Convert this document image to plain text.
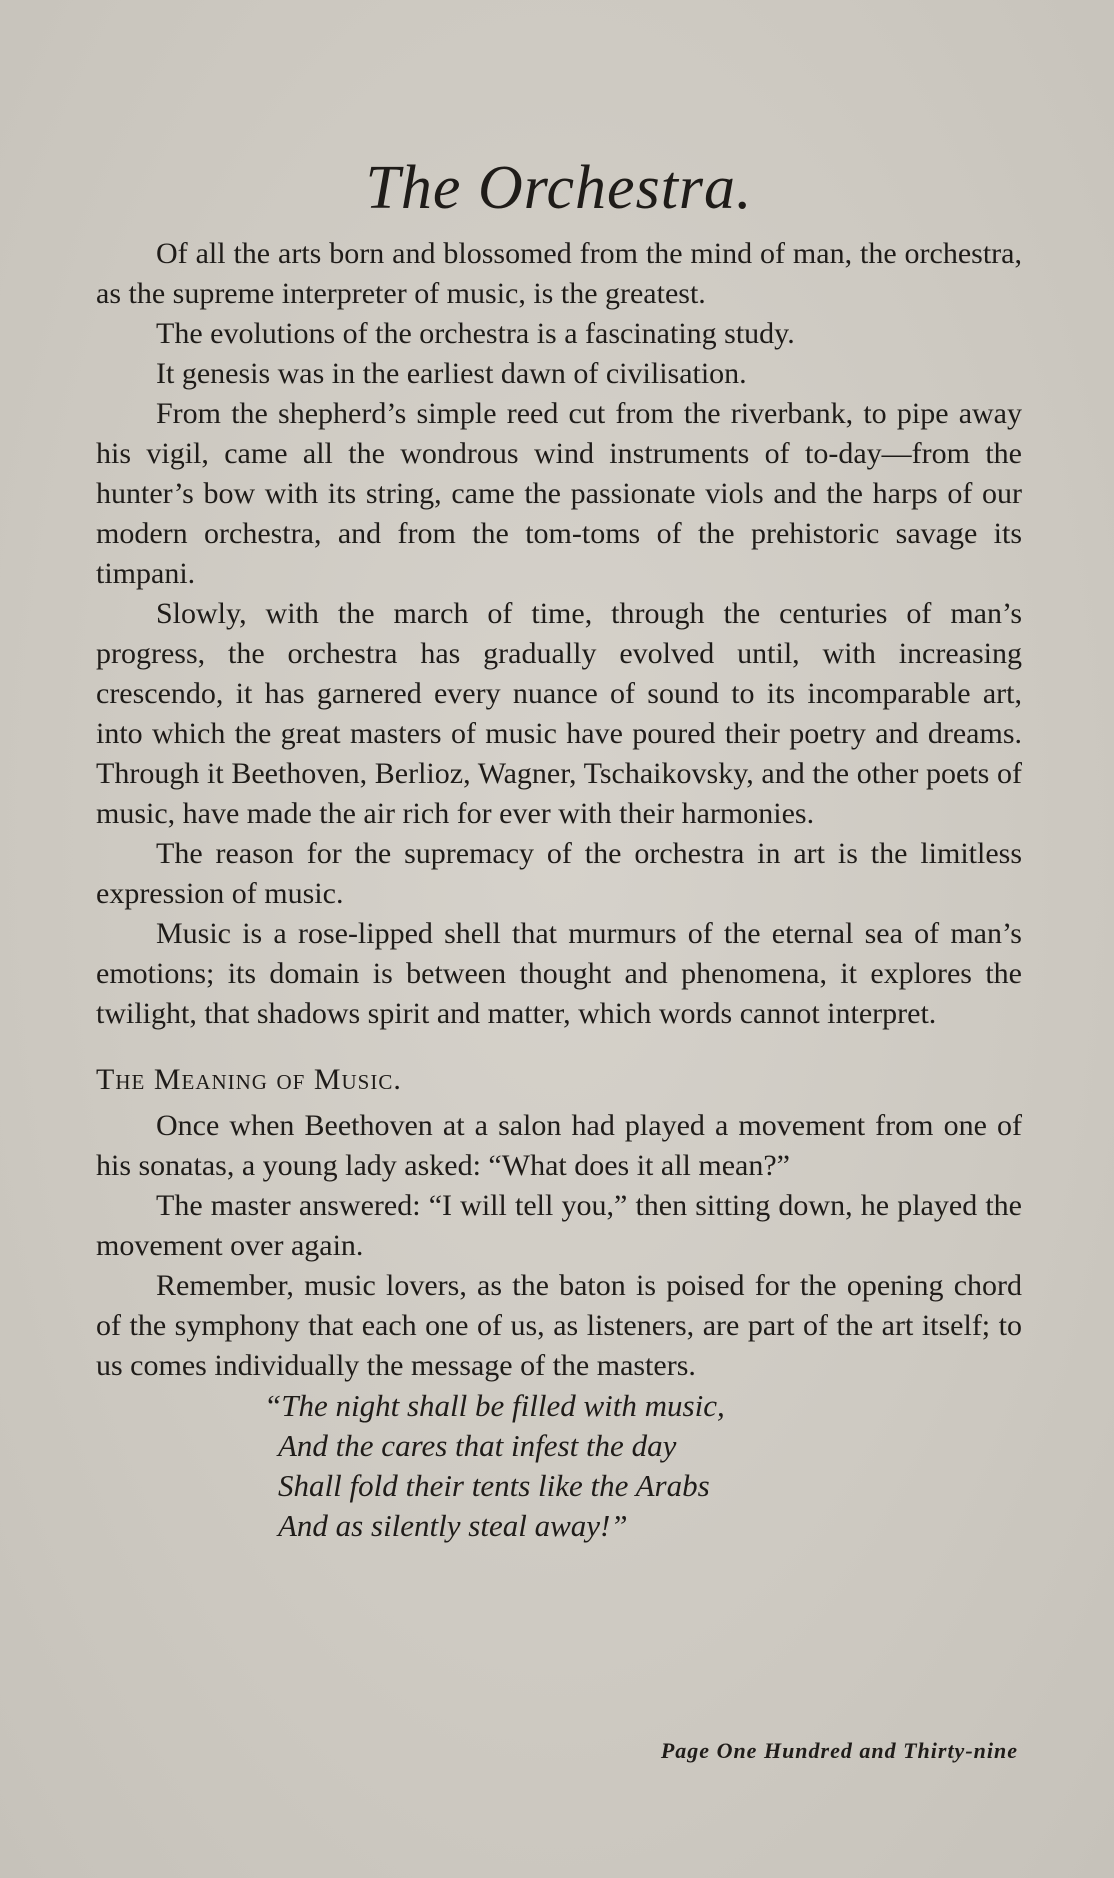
The Orchestra.

Of all the arts born and blossomed from the mind of man, the orchestra, as the supreme interpreter of music, is the greatest.

The evolutions of the orchestra is a fascinating study.

It genesis was in the earliest dawn of civilisation.

From the shepherd’s simple reed cut from the riverbank, to pipe away his vigil, came all the wondrous wind instruments of to-day—from the hunter’s bow with its string, came the passionate viols and the harps of our modern orchestra, and from the tom-toms of the prehistoric savage its timpani.

Slowly, with the march of time, through the centuries of man’s progress, the orchestra has gradually evolved until, with increasing crescendo, it has garnered every nuance of sound to its incomparable art, into which the great masters of music have poured their poetry and dreams. Through it Beethoven, Berlioz, Wagner, Tschaikovsky, and the other poets of music, have made the air rich for ever with their harmonies.

The reason for the supremacy of the orchestra in art is the limitless expression of music.

Music is a rose-lipped shell that murmurs of the eternal sea of man’s emotions; its domain is between thought and phenomena, it explores the twilight, that shadows spirit and matter, which words cannot interpret.

The Meaning of Music.

Once when Beethoven at a salon had played a movement from one of his sonatas, a young lady asked: “What does it all mean?”

The master answered: “I will tell you,” then sitting down, he played the movement over again.

Remember, music lovers, as the baton is poised for the opening chord of the symphony that each one of us, as listeners, are part of the art itself; to us comes individually the message of the masters.

“The night shall be filled with music,
And the cares that infest the day
Shall fold their tents like the Arabs
And as silently steal away!”
Page One Hundred and Thirty-nine
